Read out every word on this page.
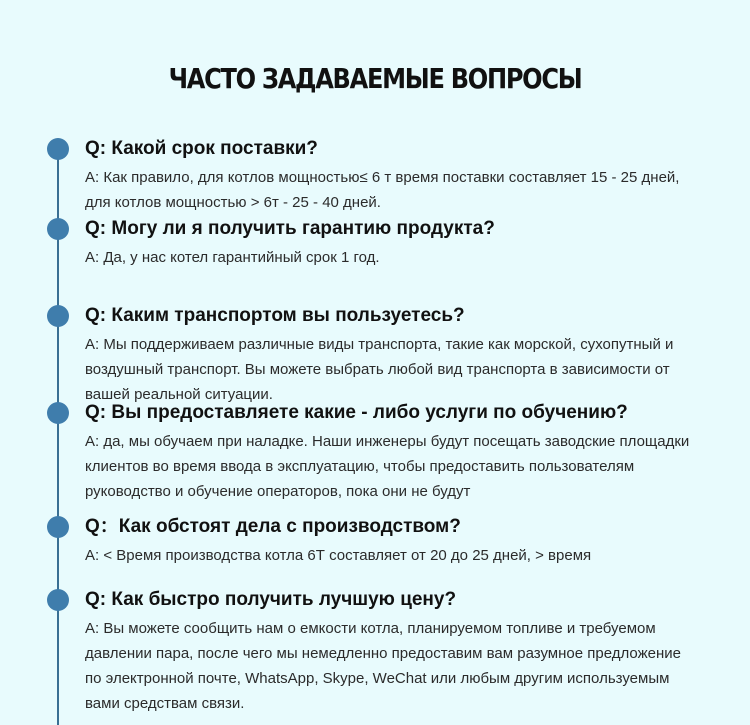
ЧАСТО ЗАДАВАЕМЫЕ ВОПРОСЫ
Q: Какой срок поставки?
A: Как правило, для котлов мощностью≤ 6 т время поставки составляет 15 - 25 дней, для котлов мощностью > 6т - 25 - 40 дней.
Q: Могу ли я получить гарантию продукта?
A: Да, у нас котел гарантийный срок 1 год.
Q: Каким транспортом вы пользуетесь?
A: Мы поддерживаем различные виды транспорта, такие как морской, сухопутный и воздушный транспорт. Вы можете выбрать любой вид транспорта в зависимости от вашей реальной ситуации.
Q: Вы предоставляете какие - либо услуги по обучению?
A: да, мы обучаем при наладке. Наши инженеры будут посещать заводские площадки клиентов во время ввода в эксплуатацию, чтобы предоставить пользователям руководство и обучение операторов, пока они не будут
Q：Как обстоят дела с производством?
A: < Время производства котла 6Т составляет от 20 до 25 дней, > время
Q: Как быстро получить лучшую цену?
A: Вы можете сообщить нам о емкости котла, планируемом топливе и требуемом давлении пара, после чего мы немедленно предоставим вам разумное предложение по электронной почте, WhatsApp, Skype, WeChat или любым другим используемым вами средствам связи.
